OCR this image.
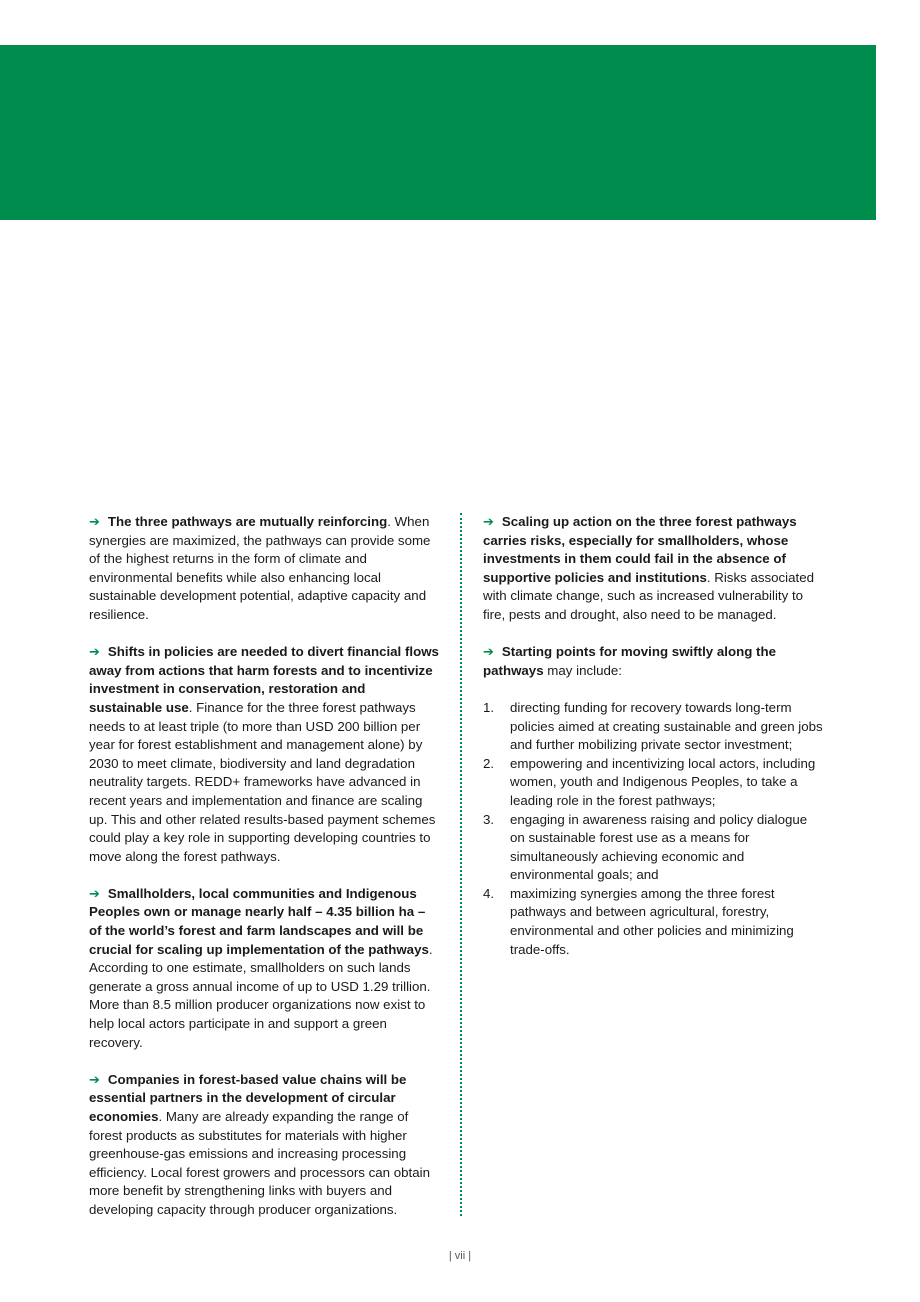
➔ The three pathways are mutually reinforcing. When synergies are maximized, the pathways can provide some of the highest returns in the form of climate and environmental benefits while also enhancing local sustainable development potential, adaptive capacity and resilience.

➔ Shifts in policies are needed to divert financial flows away from actions that harm forests and to incentivize investment in conservation, restoration and sustainable use. Finance for the three forest pathways needs to at least triple (to more than USD 200 billion per year for forest establishment and management alone) by 2030 to meet climate, biodiversity and land degradation neutrality targets. REDD+ frameworks have advanced in recent years and implementation and finance are scaling up. This and other related results-based payment schemes could play a key role in supporting developing countries to move along the forest pathways.

➔ Smallholders, local communities and Indigenous Peoples own or manage nearly half – 4.35 billion ha – of the world’s forest and farm landscapes and will be crucial for scaling up implementation of the pathways. According to one estimate, smallholders on such lands generate a gross annual income of up to USD 1.29 trillion. More than 8.5 million producer organizations now exist to help local actors participate in and support a green recovery.

➔ Companies in forest-based value chains will be essential partners in the development of circular economies. Many are already expanding the range of forest products as substitutes for materials with higher greenhouse-gas emissions and increasing processing efficiency. Local forest growers and processors can obtain more benefit by strengthening links with buyers and developing capacity through producer organizations.

➔ Scaling up action on the three forest pathways carries risks, especially for smallholders, whose investments in them could fail in the absence of supportive policies and institutions. Risks associated with climate change, such as increased vulnerability to fire, pests and drought, also need to be managed.

➔ Starting points for moving swiftly along the pathways may include:

1. directing funding for recovery towards long-term policies aimed at creating sustainable and green jobs and further mobilizing private sector investment;
2. empowering and incentivizing local actors, including women, youth and Indigenous Peoples, to take a leading role in the forest pathways;
3. engaging in awareness raising and policy dialogue on sustainable forest use as a means for simultaneously achieving economic and environmental goals; and
4. maximizing synergies among the three forest pathways and between agricultural, forestry, environmental and other policies and minimizing trade-offs.
| vii |
